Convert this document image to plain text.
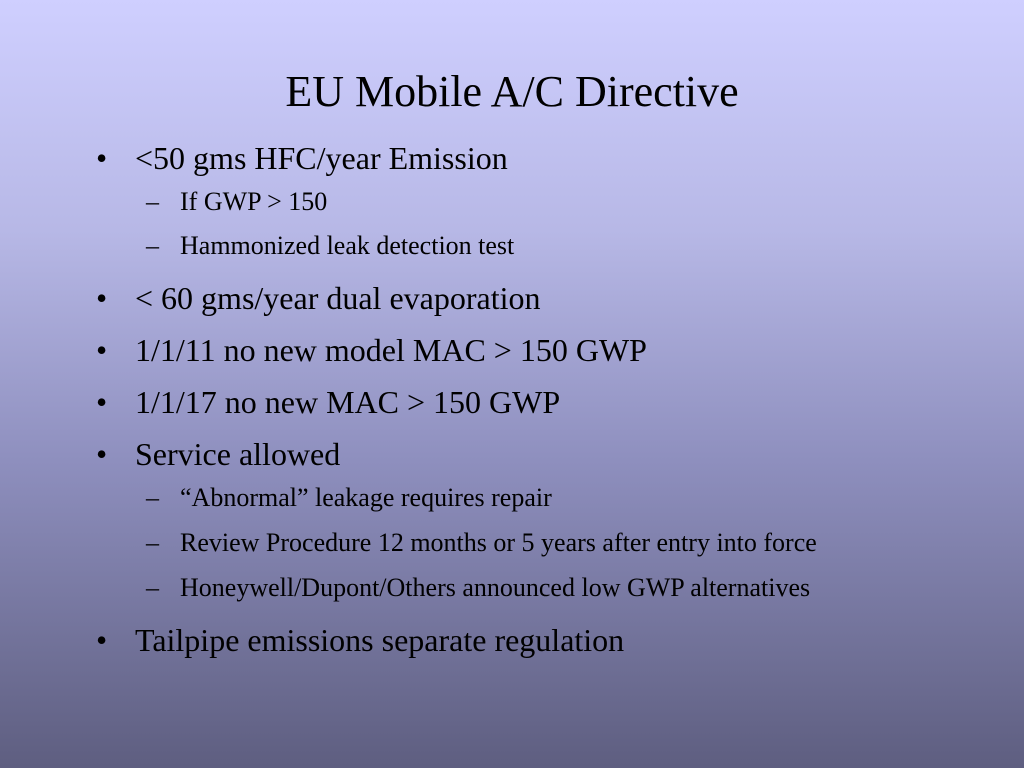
EU Mobile A/C Directive
• <50 gms HFC/year Emission
– If GWP > 150
– Hammonized leak detection test
• < 60 gms/year dual evaporation
• 1/1/11 no new model MAC > 150 GWP
• 1/1/17 no new MAC > 150 GWP
• Service allowed
– “Abnormal” leakage requires repair
– Review Procedure 12 months or 5 years after entry into force
– Honeywell/Dupont/Others announced low GWP alternatives
• Tailpipe emissions separate regulation
